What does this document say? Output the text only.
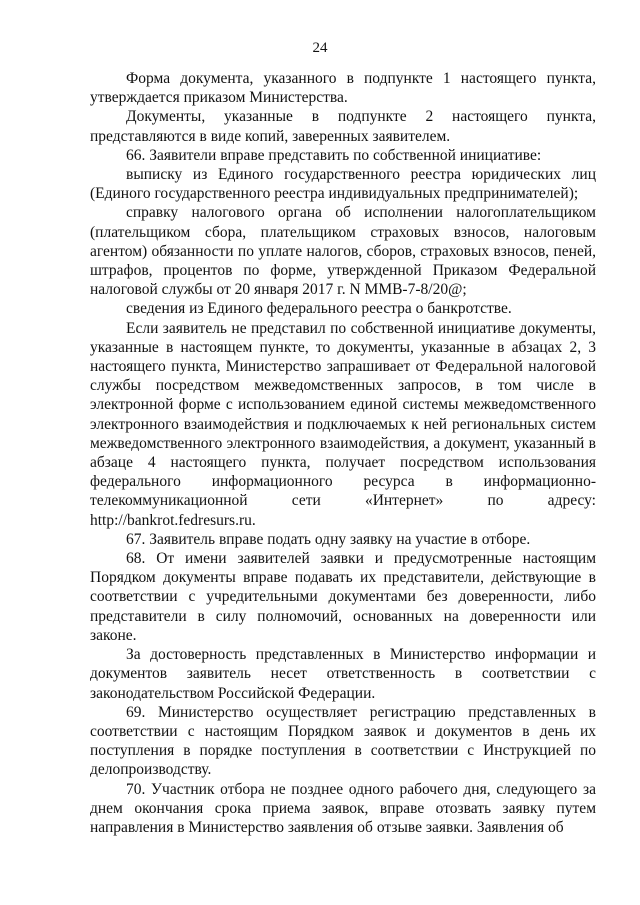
24

Форма документа, указанного в подпункте 1 настоящего пункта, утверждается приказом Министерства.

Документы, указанные в подпункте 2 настоящего пункта, представляются в виде копий, заверенных заявителем.

66. Заявители вправе представить по собственной инициативе:

выписку из Единого государственного реестра юридических лиц (Единого государственного реестра индивидуальных предпринимателей);

справку налогового органа об исполнении налогоплательщиком (плательщиком сбора, плательщиком страховых взносов, налоговым агентом) обязанности по уплате налогов, сборов, страховых взносов, пеней, штрафов, процентов по форме, утвержденной Приказом Федеральной налоговой службы от 20 января 2017 г. N ММВ-7-8/20@;

сведения из Единого федерального реестра о банкротстве.

Если заявитель не представил по собственной инициативе документы, указанные в настоящем пункте, то документы, указанные в абзацах 2, 3 настоящего пункта, Министерство запрашивает от Федеральной налоговой службы посредством межведомственных запросов, в том числе в электронной форме с использованием единой системы межведомственного электронного взаимодействия и подключаемых к ней региональных систем межведомственного электронного взаимодействия, а документ, указанный в абзаце 4 настоящего пункта, получает посредством использования федерального информационного ресурса в информационно-телекоммуникационной сети «Интернет» по адресу: http://bankrot.fedresurs.ru.

67. Заявитель вправе подать одну заявку на участие в отборе.

68. От имени заявителей заявки и предусмотренные настоящим Порядком документы вправе подавать их представители, действующие в соответствии с учредительными документами без доверенности, либо представители в силу полномочий, основанных на доверенности или законе.

За достоверность представленных в Министерство информации и документов заявитель несет ответственность в соответствии с законодательством Российской Федерации.

69. Министерство осуществляет регистрацию представленных в соответствии с настоящим Порядком заявок и документов в день их поступления в порядке поступления в соответствии с Инструкцией по делопроизводству.

70. Участник отбора не позднее одного рабочего дня, следующего за днем окончания срока приема заявок, вправе отозвать заявку путем направления в Министерство заявления об отзыве заявки. Заявления об
